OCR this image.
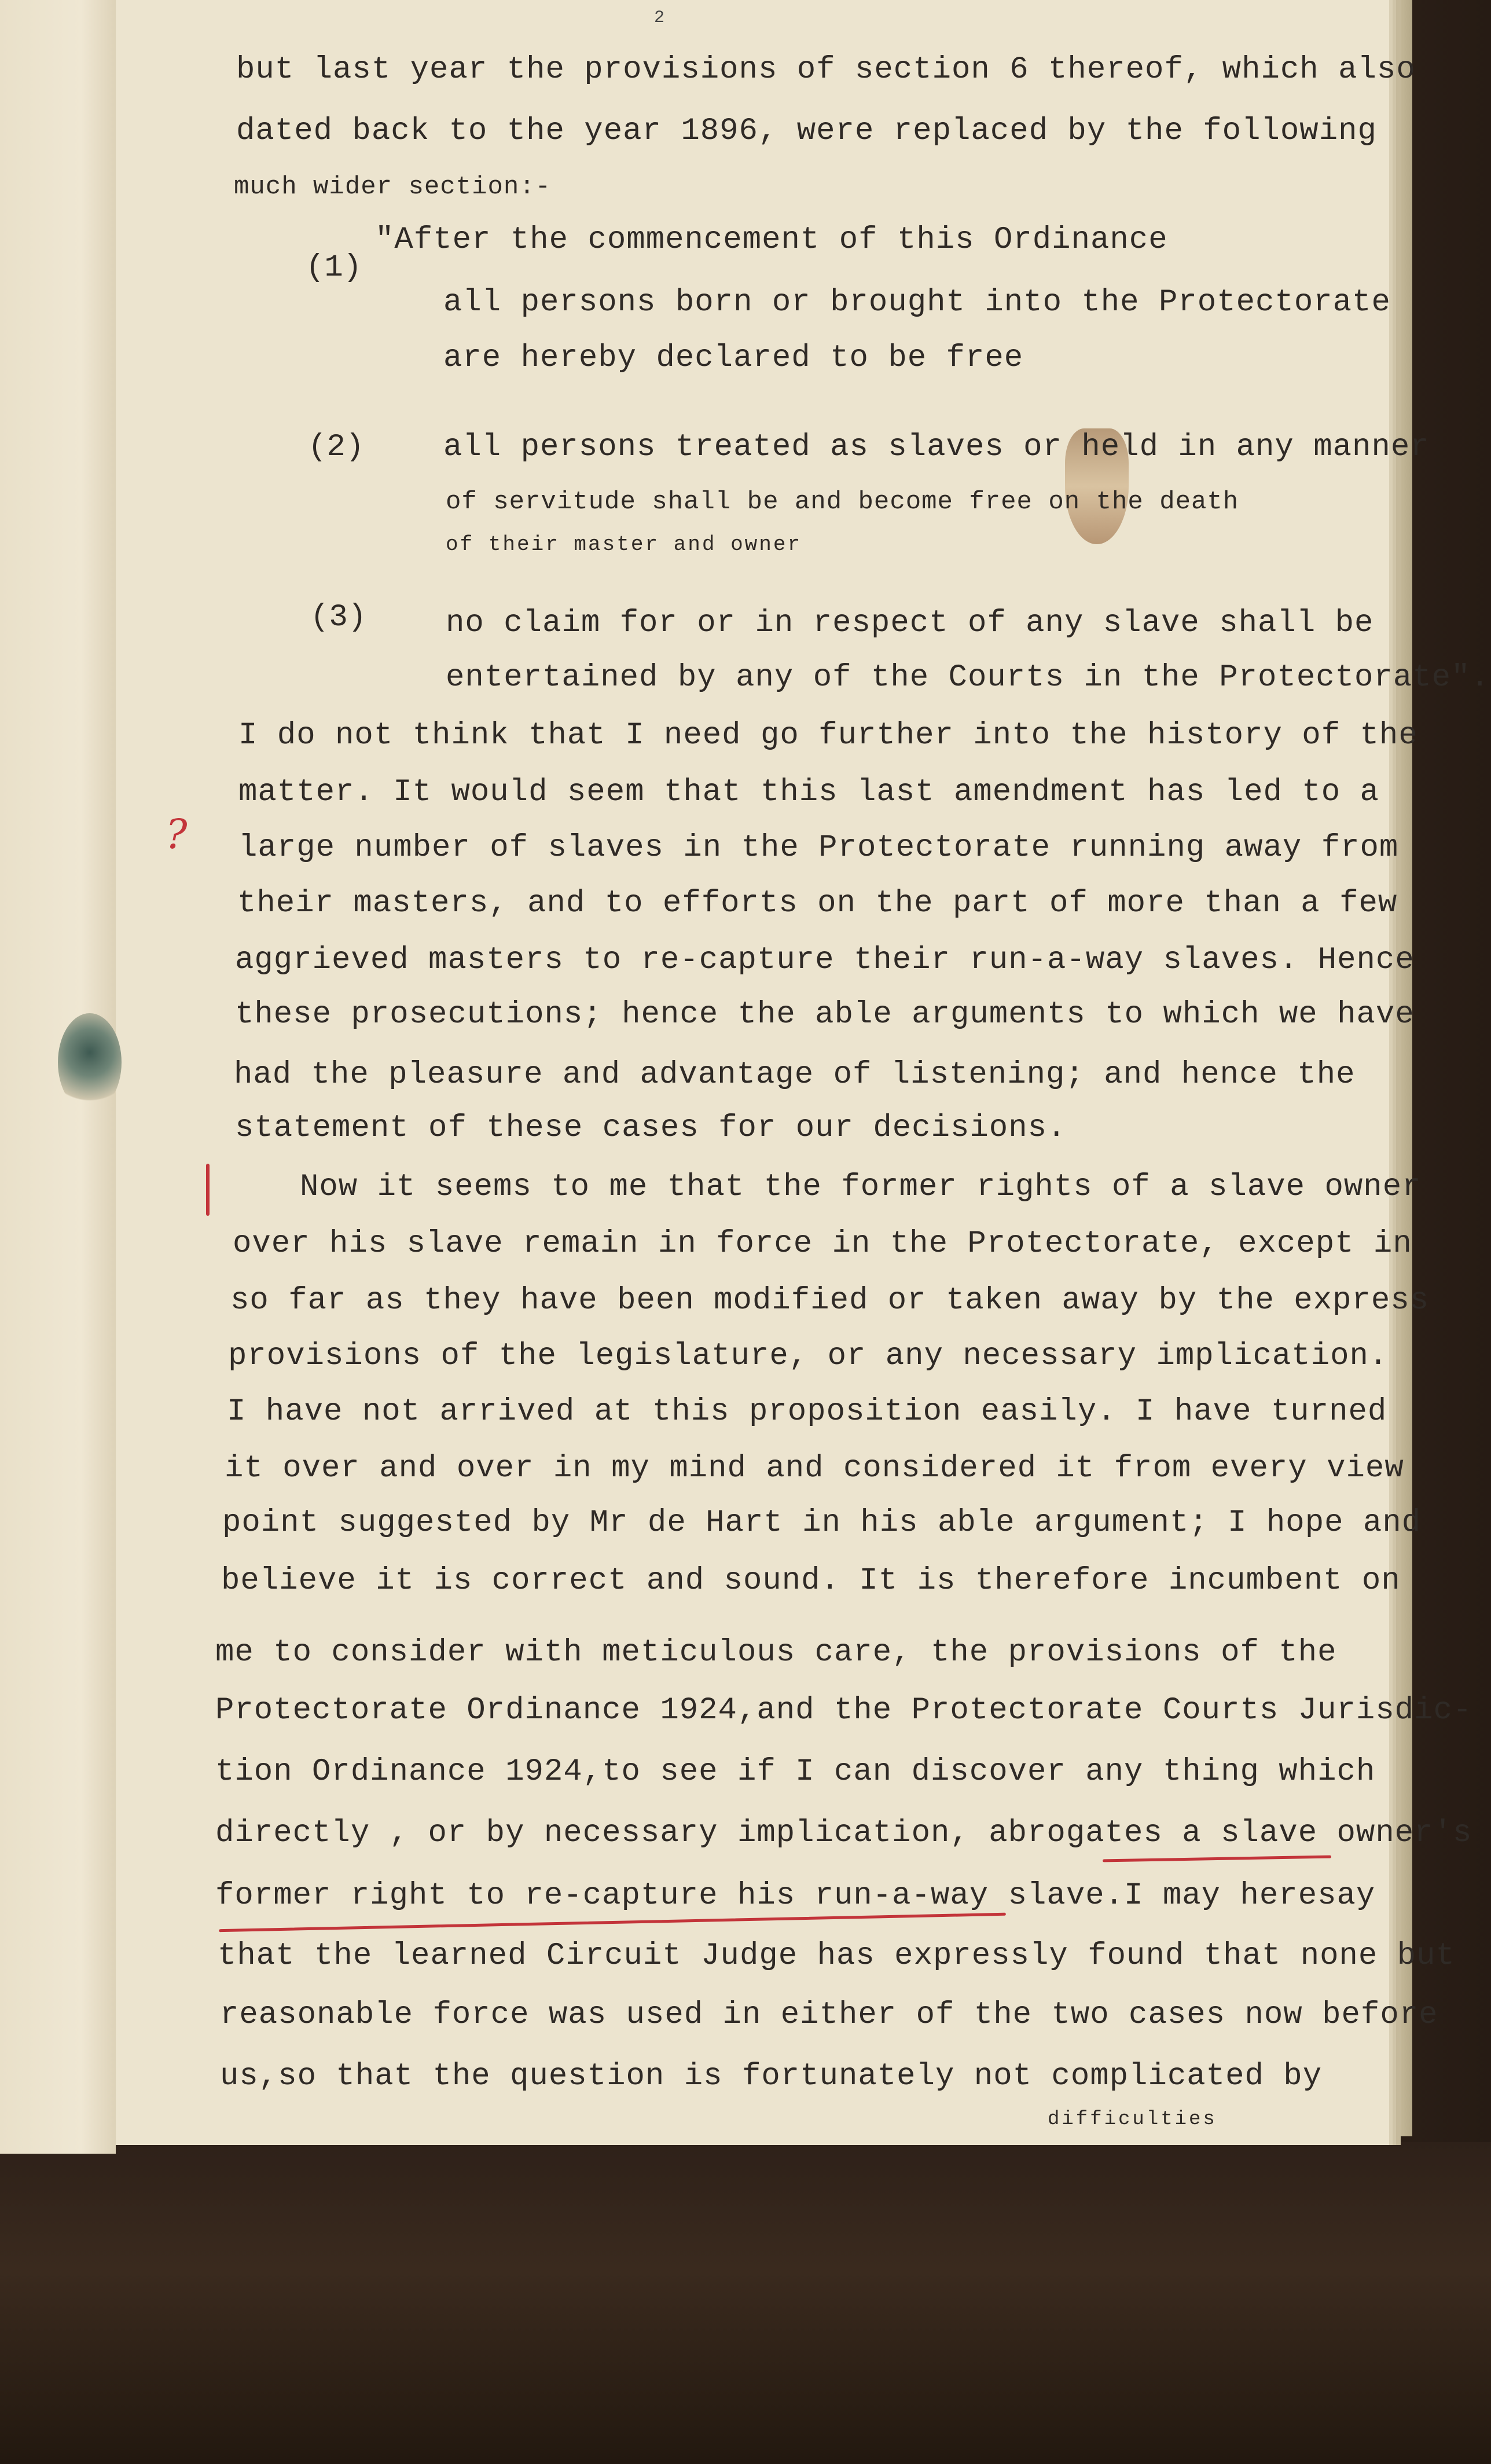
2
but last year the provisions of section 6 thereof, which also
dated back to the year 1896, were replaced by the following
much wider section:-
"After the commencement of this Ordinance
(1)
all persons born or brought into the Protectorate
are hereby declared to be free
(2)	all persons treated as slaves or held in any manner
of servitude shall be and become free on the death
of their master and owner
(3)	no claim for or in respect of any slave shall be
entertained by any of the Courts in the Protectorate".
?
I do not think that I need go further into the history of the
matter. It would seem that this last amendment has led to a
large number of slaves in the Protectorate running away from
their masters, and to efforts on the part of more than a few
aggrieved masters to re-capture their run-a-way slaves. Hence
these prosecutions; hence the able arguments to which we have
had the pleasure and advantage of listening; and hence the
statement of these cases for our decisions.
Now it seems to me that the former rights of a slave owner
over his slave remain in force in the Protectorate, except in
so far as they have been modified or taken away by the express
provisions of the legislature, or any necessary implication.
I have not arrived at this proposition easily. I have turned
it over and over in my mind and considered it from every view
point suggested by Mr de Hart in his able argument; I hope and
believe it is correct and sound. It is therefore incumbent on
me to consider with meticulous care, the provisions of the
Protectorate Ordinance 1924,and the Protectorate Courts Jurisdic-
tion Ordinance 1924,to see if I can discover any thing which
directly , or by necessary implication, abrogates a slave owner's
former right to re-capture his run-a-way slave.I may heresay
that the learned Circuit Judge has expressly found that none but
reasonable force was used in either of the two cases now before
us,so that the question is fortunately not complicated by
difficulties
